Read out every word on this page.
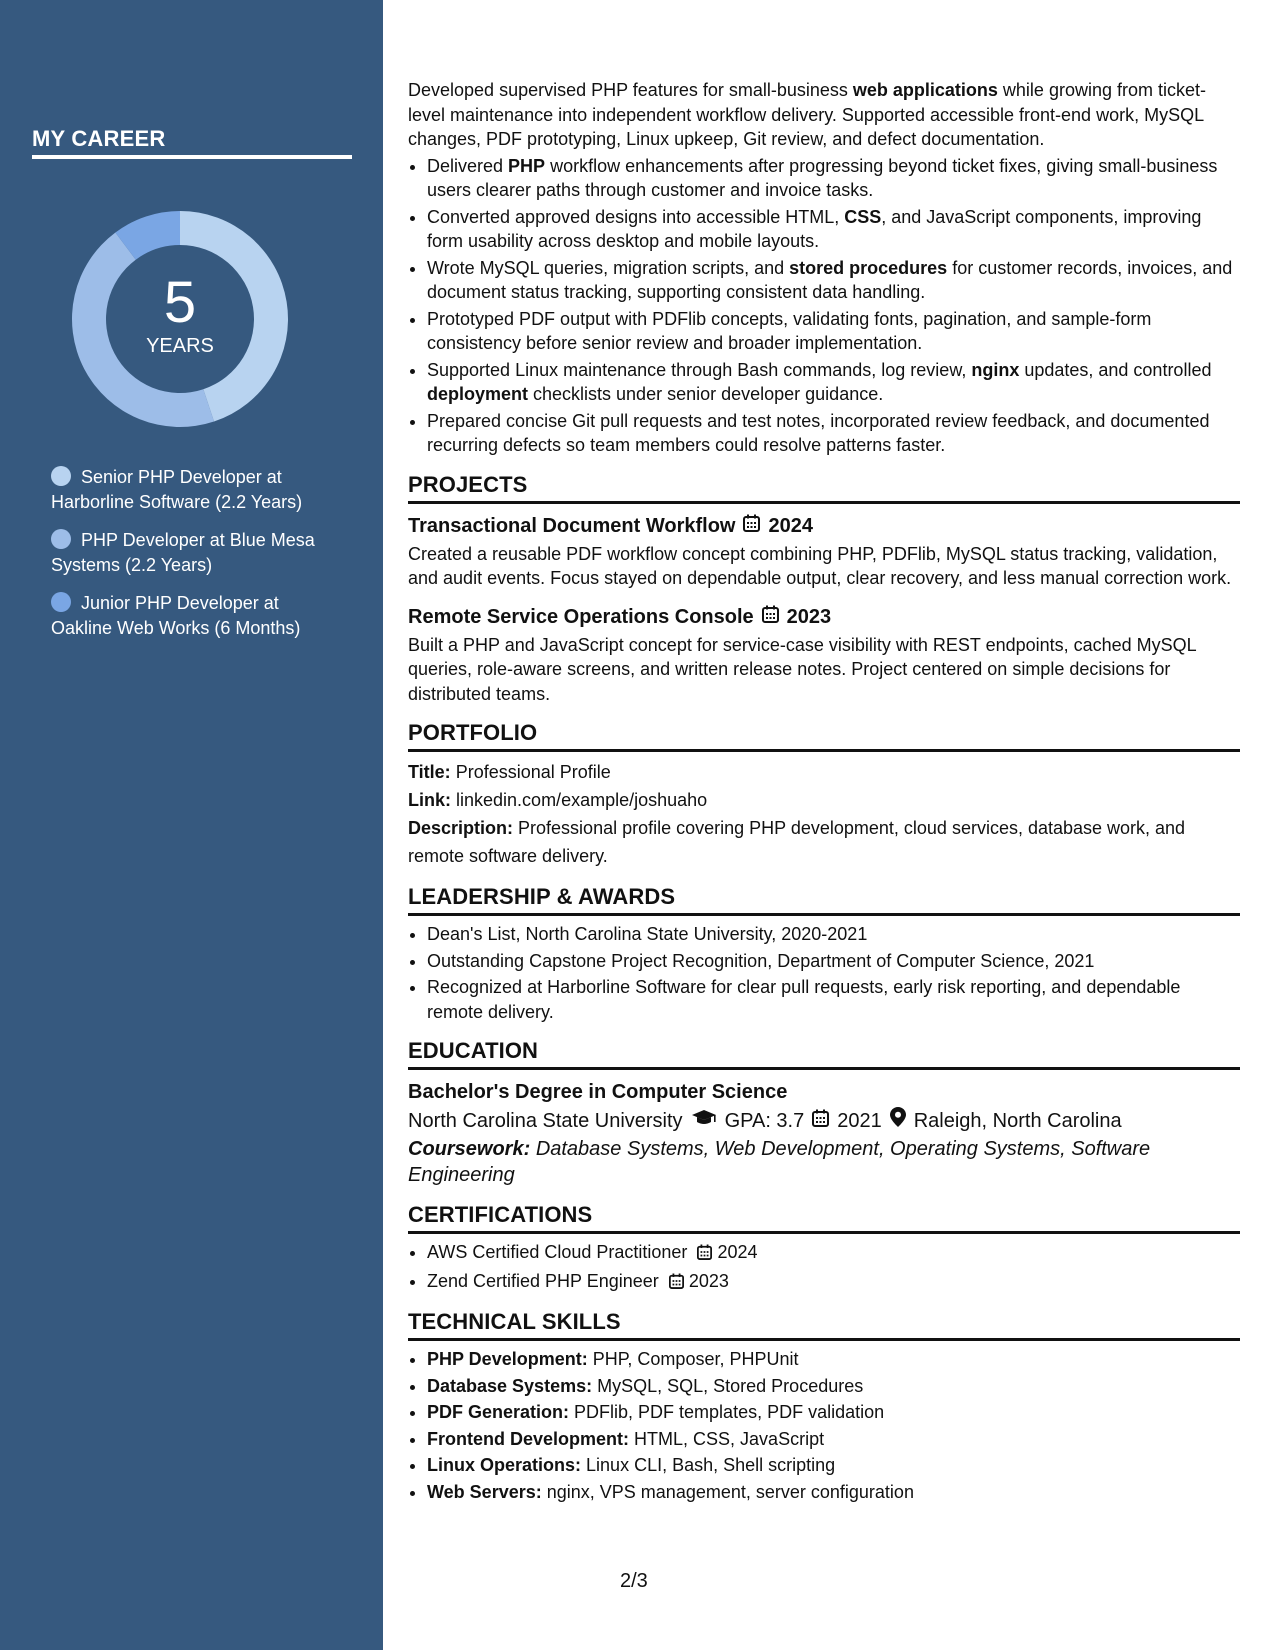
MY CAREER
5
YEARS
Senior PHP Developer at Harborline Software (2.2 Years)
PHP Developer at Blue Mesa Systems (2.2 Years)
Junior PHP Developer at Oakline Web Works (6 Months)

Developed supervised PHP features for small-business web applications while growing from ticket-level maintenance into independent workflow delivery. Supported accessible front-end work, MySQL changes, PDF prototyping, Linux upkeep, Git review, and defect documentation.

• Delivered PHP workflow enhancements after progressing beyond ticket fixes, giving small-business users clearer paths through customer and invoice tasks.
• Converted approved designs into accessible HTML, CSS, and JavaScript components, improving form usability across desktop and mobile layouts.
• Wrote MySQL queries, migration scripts, and stored procedures for customer records, invoices, and document status tracking, supporting consistent data handling.
• Prototyped PDF output with PDFlib concepts, validating fonts, pagination, and sample-form consistency before senior review and broader implementation.
• Supported Linux maintenance through Bash commands, log review, nginx updates, and controlled deployment checklists under senior developer guidance.
• Prepared concise Git pull requests and test notes, incorporated review feedback, and documented recurring defects so team members could resolve patterns faster.
PROJECTS
Transactional Document Workflow 2024
Created a reusable PDF workflow concept combining PHP, PDFlib, MySQL status tracking, validation, and audit events. Focus stayed on dependable output, clear recovery, and less manual correction work.
Remote Service Operations Console 2023
Built a PHP and JavaScript concept for service-case visibility with REST endpoints, cached MySQL queries, role-aware screens, and written release notes. Project centered on simple decisions for distributed teams.
PORTFOLIO
Title: Professional Profile
Link: linkedin.com/example/joshuaho
Description: Professional profile covering PHP development, cloud services, database work, and remote software delivery.
LEADERSHIP & AWARDS
• Dean's List, North Carolina State University, 2020-2021
• Outstanding Capstone Project Recognition, Department of Computer Science, 2021
• Recognized at Harborline Software for clear pull requests, early risk reporting, and dependable remote delivery.
EDUCATION
Bachelor's Degree in Computer Science
North Carolina State University GPA: 3.7 2021 Raleigh, North Carolina
Coursework: Database Systems, Web Development, Operating Systems, Software Engineering
CERTIFICATIONS
• AWS Certified Cloud Practitioner 2024
• Zend Certified PHP Engineer 2023
TECHNICAL SKILLS
• PHP Development: PHP, Composer, PHPUnit
• Database Systems: MySQL, SQL, Stored Procedures
• PDF Generation: PDFlib, PDF templates, PDF validation
• Frontend Development: HTML, CSS, JavaScript
• Linux Operations: Linux CLI, Bash, Shell scripting
• Web Servers: nginx, VPS management, server configuration
2/3
